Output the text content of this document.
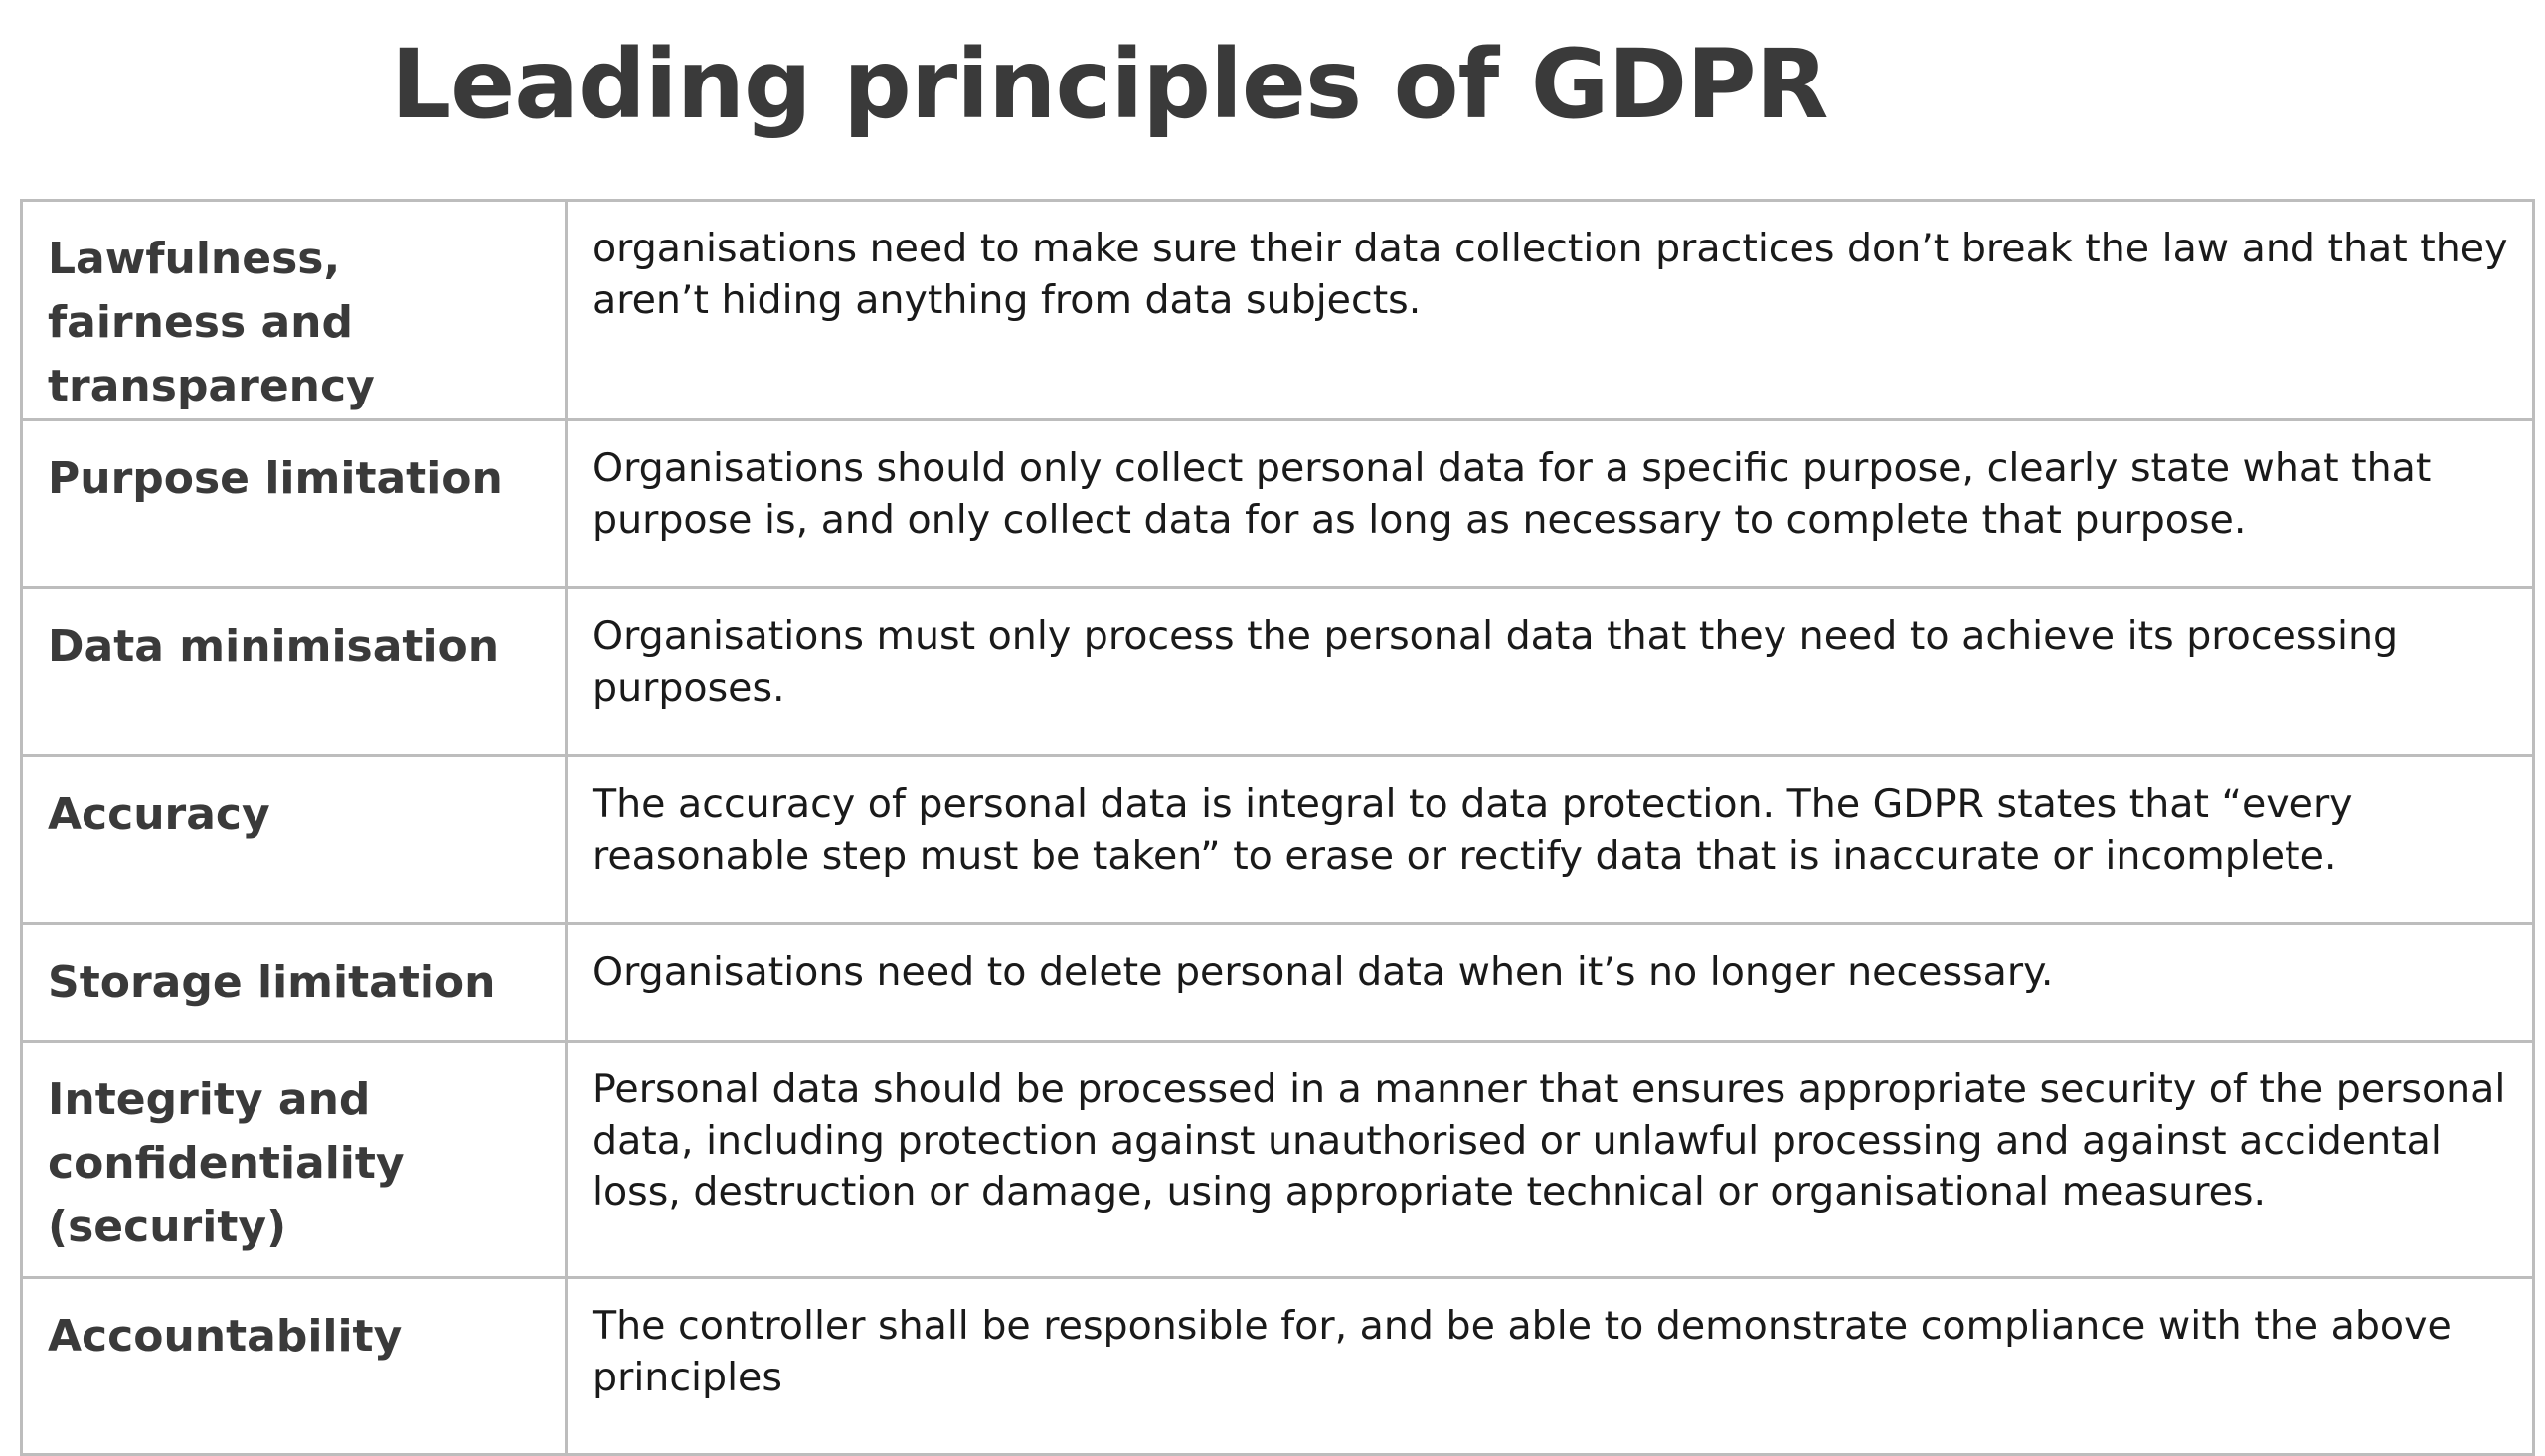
Leading principles of GDPR
Lawfulness, fairness and transparency	organisations need to make sure their data collection practices don’t break the law and that they aren’t hiding anything from data subjects.
Purpose limitation	Organisations should only collect personal data for a specific purpose, clearly state what that purpose is, and only collect data for as long as necessary to complete that purpose.
Data minimisation	Organisations must only process the personal data that they need to achieve its processing purposes.
Accuracy	The accuracy of personal data is integral to data protection. The GDPR states that “every reasonable step must be taken” to erase or rectify data that is inaccurate or incomplete.
Storage limitation	Organisations need to delete personal data when it’s no longer necessary.
Integrity and confidentiality (security)	Personal data should be processed in a manner that ensures appropriate security of the personal data, including protection against unauthorised or unlawful processing and against accidental loss, destruction or damage, using appropriate technical or organisational measures.
Accountability	The controller shall be responsible for, and be able to demonstrate compliance with the above principles
